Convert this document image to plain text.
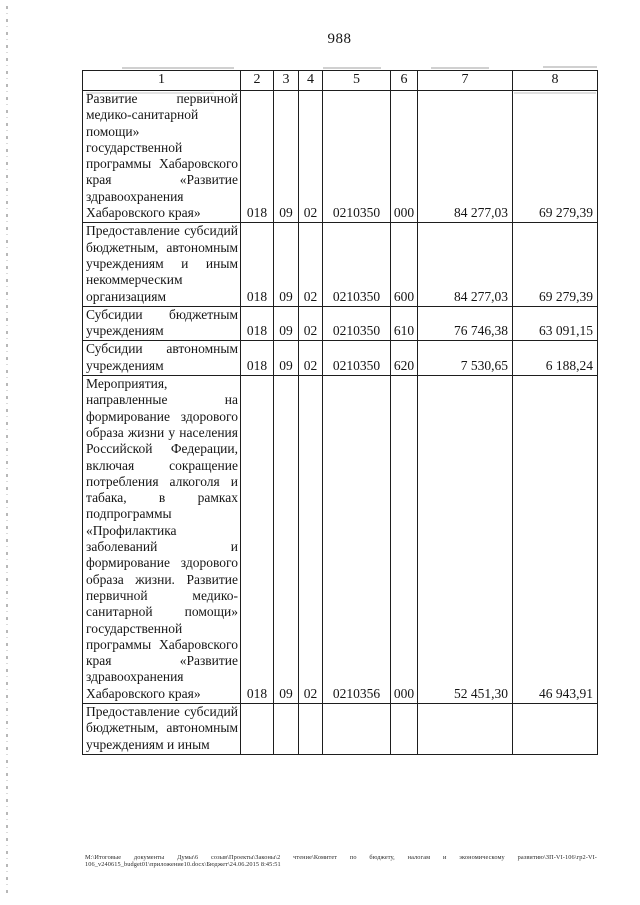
988
1	2	3	4	5	6	7	8
Развитие первичной медико-санитарной помощи» государственной программы Хабаровского края «Развитие здравоохранения Хабаровского края»	018	09	02	0210350	000	84 277,03	69 279,39
Предоставление субсидий бюджетным, автономным учреждениям и иным некоммерческим организациям	018	09	02	0210350	600	84 277,03	69 279,39
Субсидии бюджетным учреждениям	018	09	02	0210350	610	76 746,38	63 091,15
Субсидии автономным учреждениям	018	09	02	0210350	620	7 530,65	6 188,24
Мероприятия, направленные на формирование здорового образа жизни у населения Российской Федерации, включая сокращение потребления алкоголя и табака, в рамках подпрограммы «Профилактика заболеваний и формирование здорового образа жизни. Развитие первичной медико-санитарной помощи» государственной программы Хабаровского края «Развитие здравоохранения Хабаровского края»	018	09	02	0210356	000	52 451,30	46 943,91
Предоставление субсидий бюджетным, автономным учреждениям и иным							
М:\Итоговые документы Думы\6 созыв\Проекты\Законы\2 чтение\Комитет по бюджету, налогам и экономическому развитию\ЗП-VI-106\гр2-VI-
106_v240615_budget01\приложение10.docx\Бюджет\24.06.2015 8:45:51
